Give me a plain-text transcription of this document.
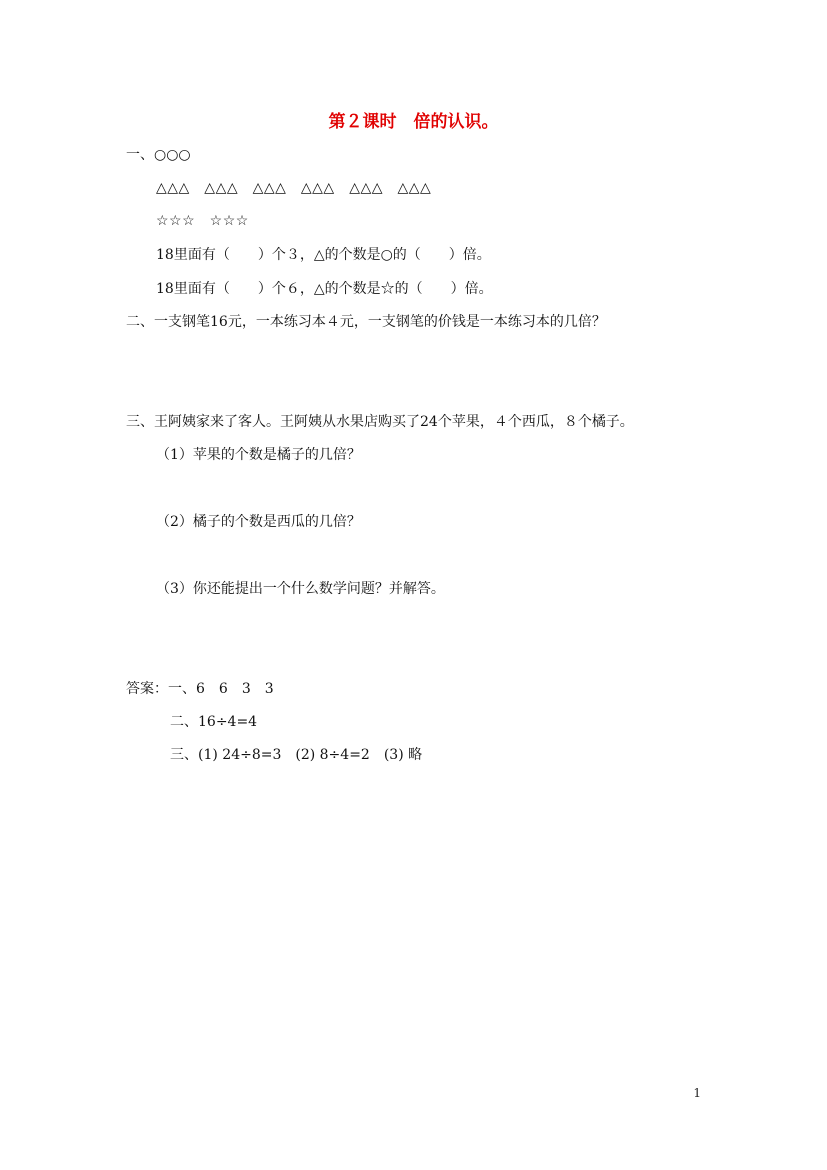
第２课时　倍的认识。
一、○○○
△△△　△△△　△△△　△△△　△△△　△△△
☆☆☆　☆☆☆
18里面有（　　）个３，△的个数是○的（　　）倍。
18里面有（　　）个６，△的个数是☆的（　　）倍。
二、一支钢笔16元，一本练习本４元，一支钢笔的价钱是一本练习本的几倍？
三、王阿姨家来了客人。王阿姨从水果店购买了24个苹果，４个西瓜，８个橘子。
（1）苹果的个数是橘子的几倍？
（2）橘子的个数是西瓜的几倍？
（3）你还能提出一个什么数学问题？并解答。
答案：一、6　6　3　3
二、16÷4=4
三、(1) 24÷8=3　(2) 8÷4=2　(3) 略
1
